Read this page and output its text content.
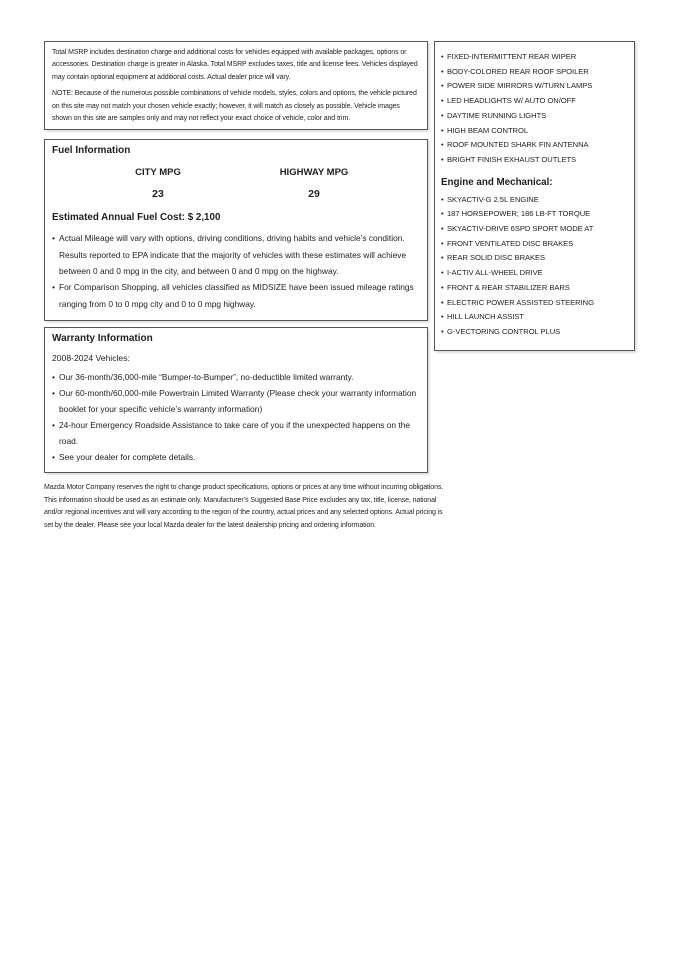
Total MSRP includes destination charge and additional costs for vehicles equipped with available packages, options or accessories. Destination charge is greater in Alaska. Total MSRP excludes taxes, title and license fees. Vehicles displayed may contain optional equipment at additional costs. Actual dealer price will vary.

NOTE: Because of the numerous possible combinations of vehicle models, styles, colors and options, the vehicle pictured on this site may not match your chosen vehicle exactly; however, it will match as closely as possible. Vehicle images shown on this site are samples only and may not reflect your exact choice of vehicle, color and trim.

Fuel Information
CITY MPG
23
HIGHWAY MPG
29
Estimated Annual Fuel Cost: $ 2,100
• Actual Mileage will vary with options, driving conditions, driving habits and vehicle’s condition. Results reported to EPA indicate that the majority of vehicles with these estimates will achieve between 0 and 0 mpg in the city, and between 0 and 0 mpg on the highway.
• For Comparison Shopping, all vehicles classified as MIDSIZE have been issued mileage ratings ranging from 0 to 0 mpg city and 0 to 0 mpg highway.
Warranty Information
2008-2024 Vehicles:
• Our 36-month/36,000-mile “Bumper-to-Bumper”, no-deductible limited warranty.
• Our 60-month/60,000-mile Powertrain Limited Warranty (Please check your warranty information booklet for your specific vehicle’s warranty information)
• 24-hour Emergency Roadside Assistance to take care of you if the unexpected happens on the road.
• See your dealer for complete details.

Mazda Motor Company reserves the right to change product specifications, options or prices at any time without incurring obligations. This information should be used as an estimate only. Manufacturer’s Suggested Base Price excludes any tax, title, license, national and/or regional incentives and will vary according to the region of the country, actual prices and any selected options. Actual pricing is set by the dealer. Please see your local Mazda dealer for the latest dealership pricing and ordering information.

• FIXED-INTERMITTENT REAR WIPER
• BODY-COLORED REAR ROOF SPOILER
• POWER SIDE MIRRORS W/TURN LAMPS
• LED HEADLIGHTS W/ AUTO ON/OFF
• DAYTIME RUNNING LIGHTS
• HIGH BEAM CONTROL
• ROOF MOUNTED SHARK FIN ANTENNA
• BRIGHT FINISH EXHAUST OUTLETS
Engine and Mechanical:
• SKYACTIV-G 2.5L ENGINE
• 187 HORSEPOWER; 186 LB-FT TORQUE
• SKYACTIV-DRIVE 6SPD SPORT MODE AT
• FRONT VENTILATED DISC BRAKES
• REAR SOLID DISC BRAKES
• I-ACTIV ALL-WHEEL DRIVE
• FRONT & REAR STABILIZER BARS
• ELECTRIC POWER ASSISTED STEERING
• HILL LAUNCH ASSIST
• G-VECTORING CONTROL PLUS
